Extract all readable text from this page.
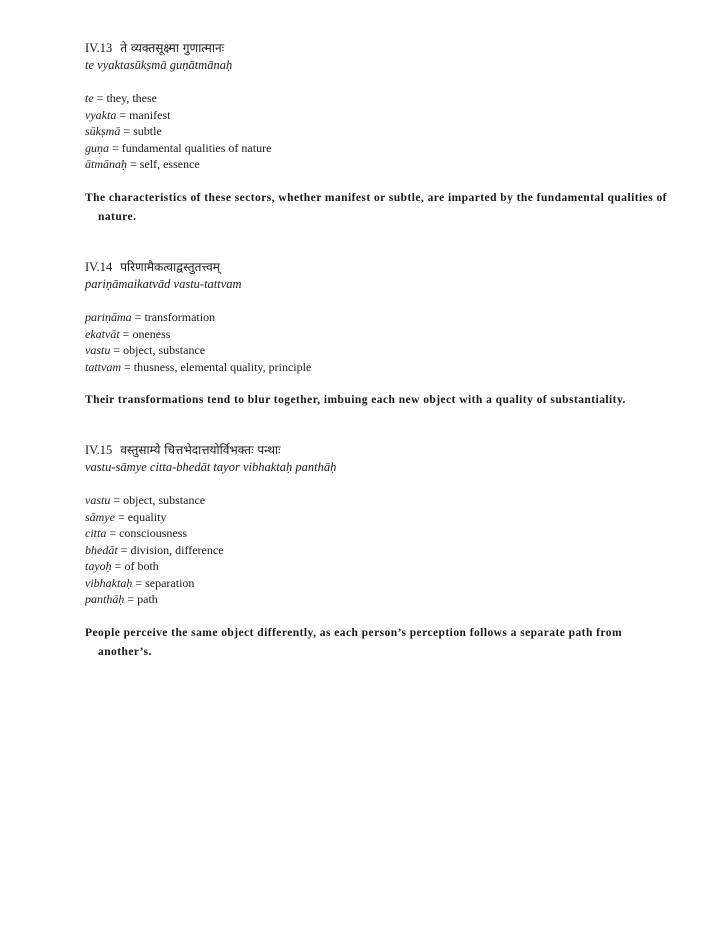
IV.13 ते व्यक्तसूक्ष्मा गुणात्मानः
te vyaktasūkṣmā guṇātmānaḥ
te = they, these
vyakta = manifest
sūkṣmā = subtle
guṇa = fundamental qualities of nature
ātmānaḥ = self, essence

The characteristics of these sectors, whether manifest or subtle, are imparted by the fundamental qualities of nature.

IV.14 परिणामैकत्वाद्वस्तुतत्त्वम्
pariṇāmaikatvād vastu-tattvam
pariṇāma = transformation
ekatvāt = oneness
vastu = object, substance
tattvam = thusness, elemental quality, principle

Their transformations tend to blur together, imbuing each new object with a quality of substantiality.

IV.15 वस्तुसाम्ये चित्तभेदात्तयोर्विभक्तः पन्थाः
vastu-sāmye citta-bhedāt tayor vibhaktaḥ panthāḥ
vastu = object, substance
sāmye = equality
citta = consciousness
bhedāt = division, difference
tayoḥ = of both
vibhaktaḥ = separation
panthāḥ = path

People perceive the same object differently, as each person’s perception follows a separate path from another’s.
